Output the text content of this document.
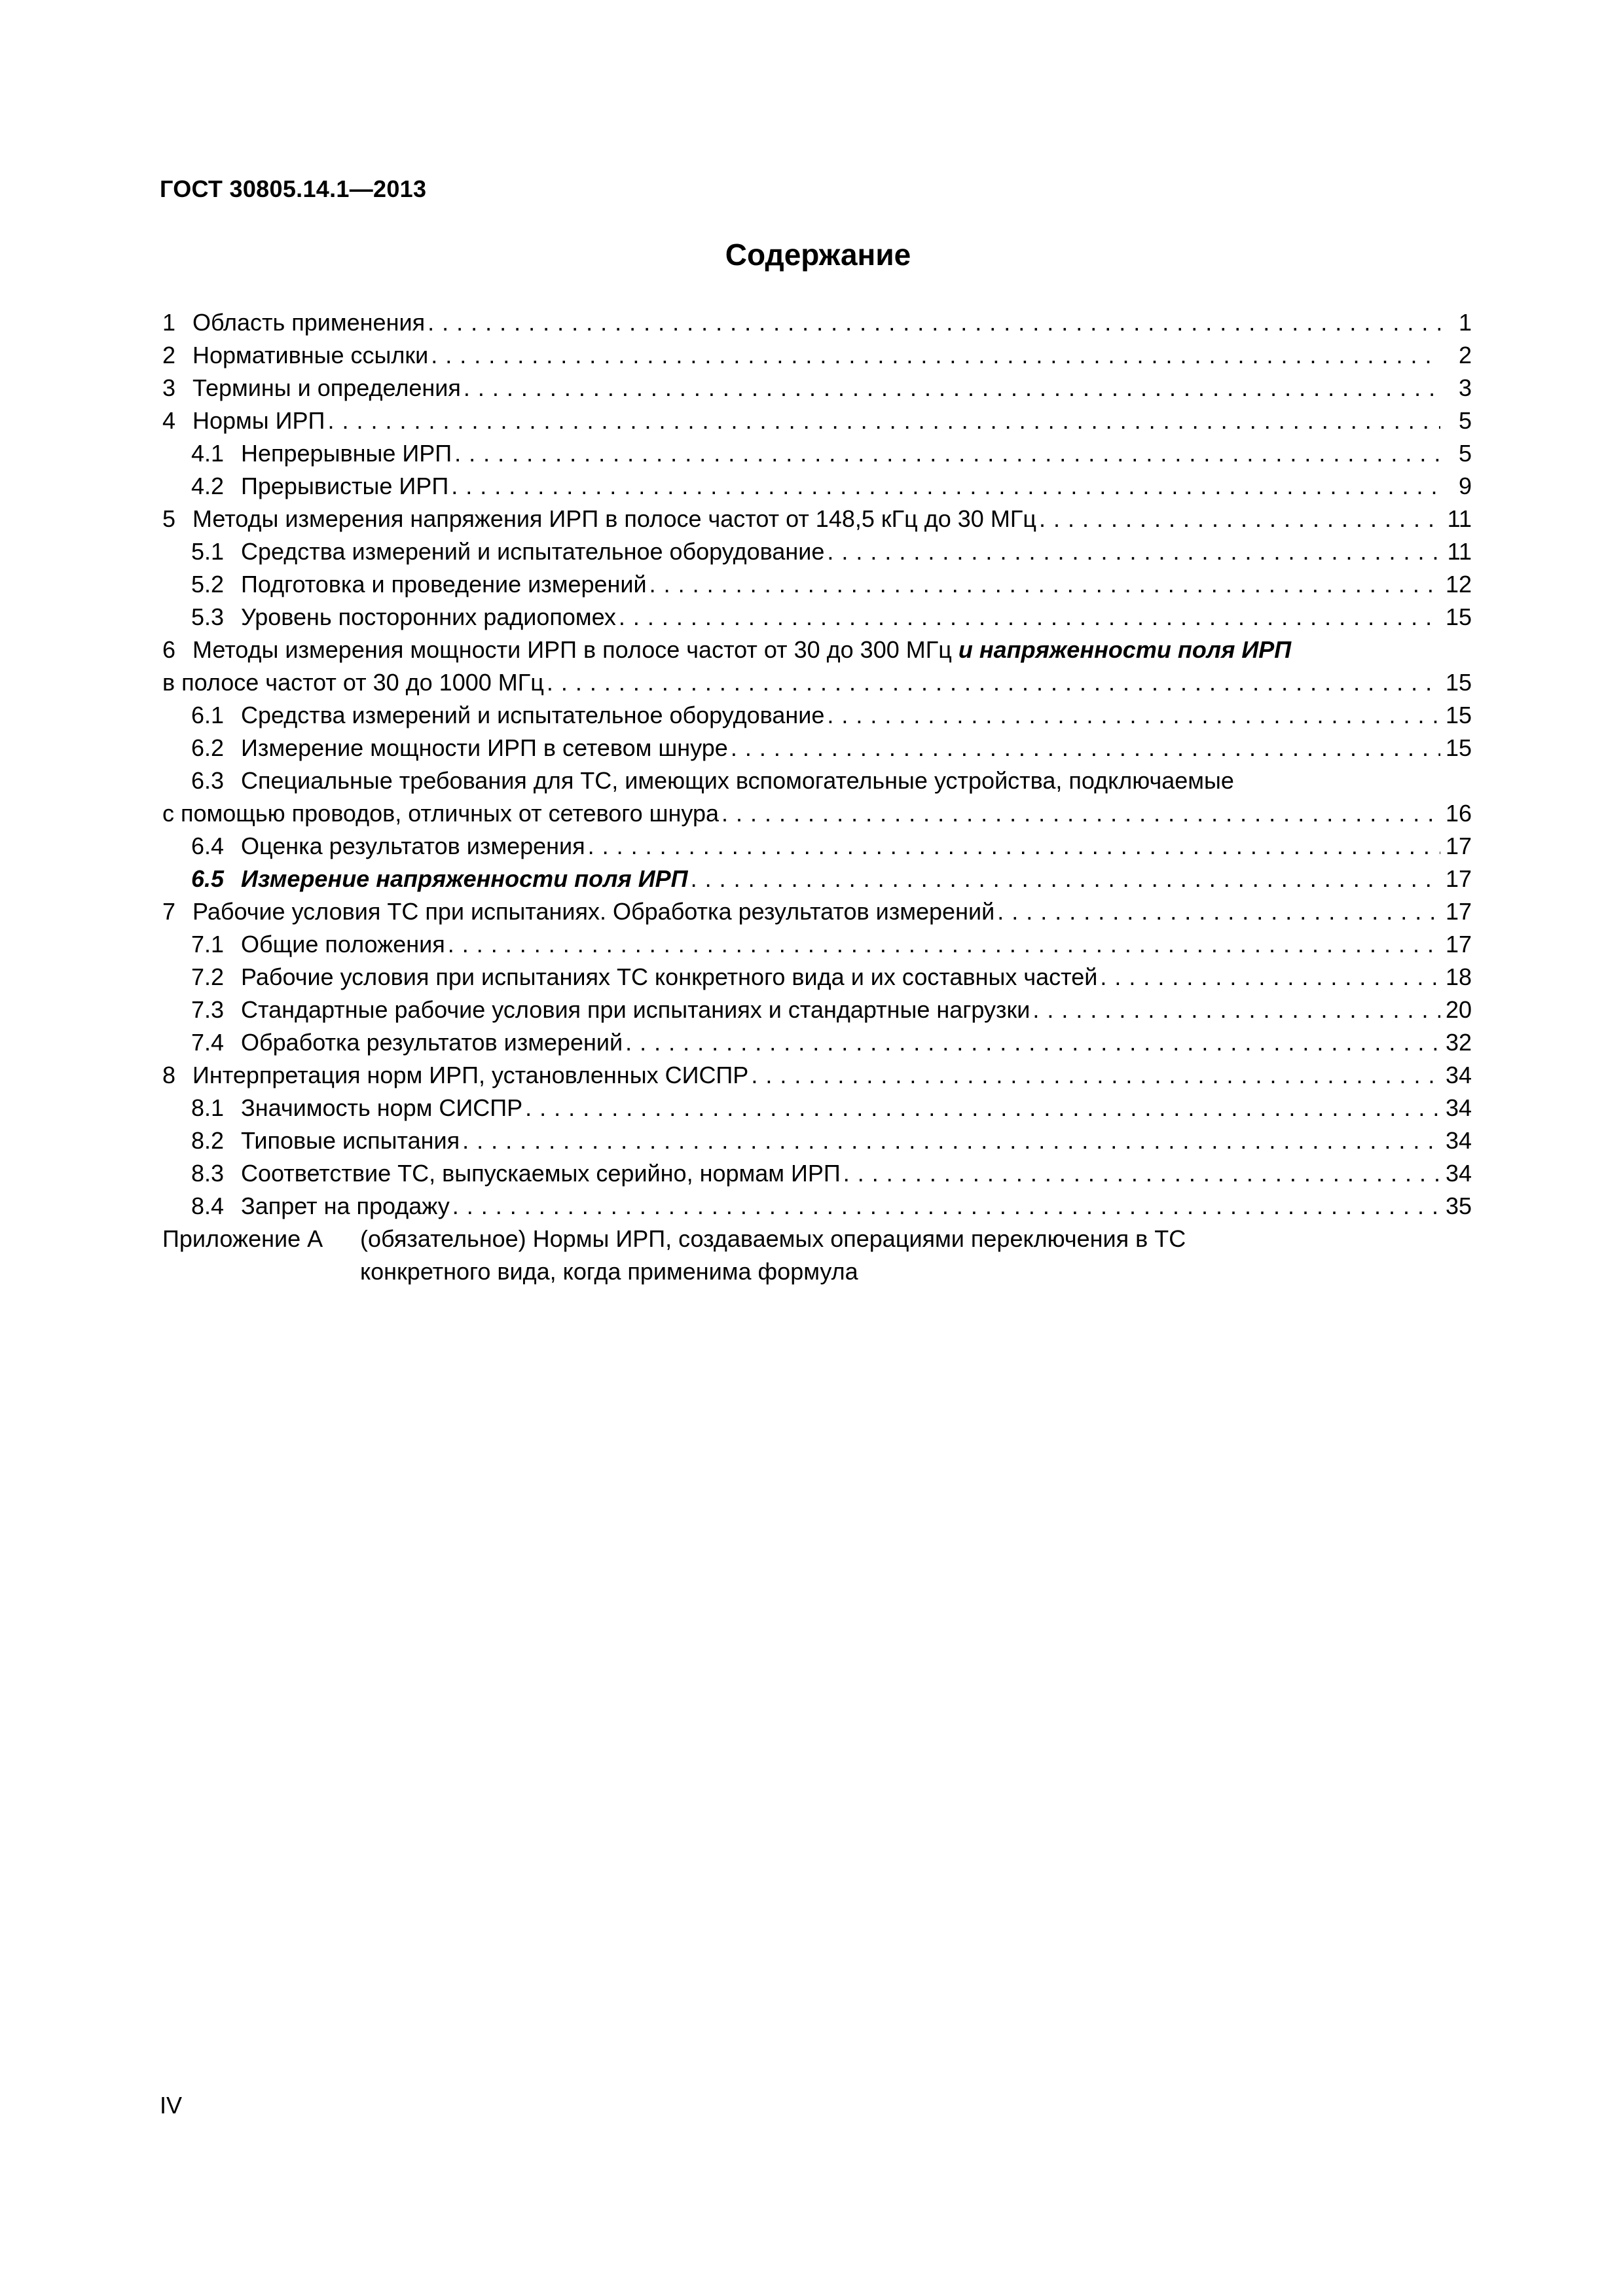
ГОСТ 30805.14.1—2013
Содержание
1 Область применения . . .	1
2 Нормативные ссылки . . .	2
3 Термины и определения . . .	3
4 Нормы ИРП . . .	5
4.1 Непрерывные ИРП . . .	5
4.2 Прерывистые ИРП . . .	9
5 Методы измерения напряжения ИРП в полосе частот от 148,5 кГц до 30 МГц . . .	11
5.1 Средства измерений и испытательное оборудование . . .	11
5.2 Подготовка и проведение измерений . . .	12
5.3 Уровень посторонних радиопомех . . .	15
6 Методы измерения мощности ИРП в полосе частот от 30 до 300 МГц и напряженности поля ИРП
в полосе частот от 30 до 1000 МГц . . .	15
6.1 Средства измерений и испытательное оборудование . . .	15
6.2 Измерение мощности ИРП в сетевом шнуре . . .	15
6.3 Специальные требования для ТС, имеющих вспомогательные устройства, подключаемые
с помощью проводов, отличных от сетевого шнура . . .	16
6.4 Оценка результатов измерения . . .	17
6.5 Измерение напряженности поля ИРП . . .	17
7 Рабочие условия ТС при испытаниях. Обработка результатов измерений . . .	17
7.1 Общие положения . . .	17
7.2 Рабочие условия при испытаниях ТС конкретного вида и их составных частей . . .	18
7.3 Стандартные рабочие условия при испытаниях и стандартные нагрузки . . .	20
7.4 Обработка результатов измерений . . .	32
8 Интерпретация норм ИРП, установленных СИСПР . . .	34
8.1 Значимость норм СИСПР . . .	34
8.2 Типовые испытания . . .	34
8.3 Соответствие ТС, выпускаемых серийно, нормам ИРП . . .	34
8.4 Запрет на продажу . . .	35
Приложение А (обязательное) Нормы ИРП, создаваемых операциями переключения в ТС
конкретного вида, когда применима формула
IV
